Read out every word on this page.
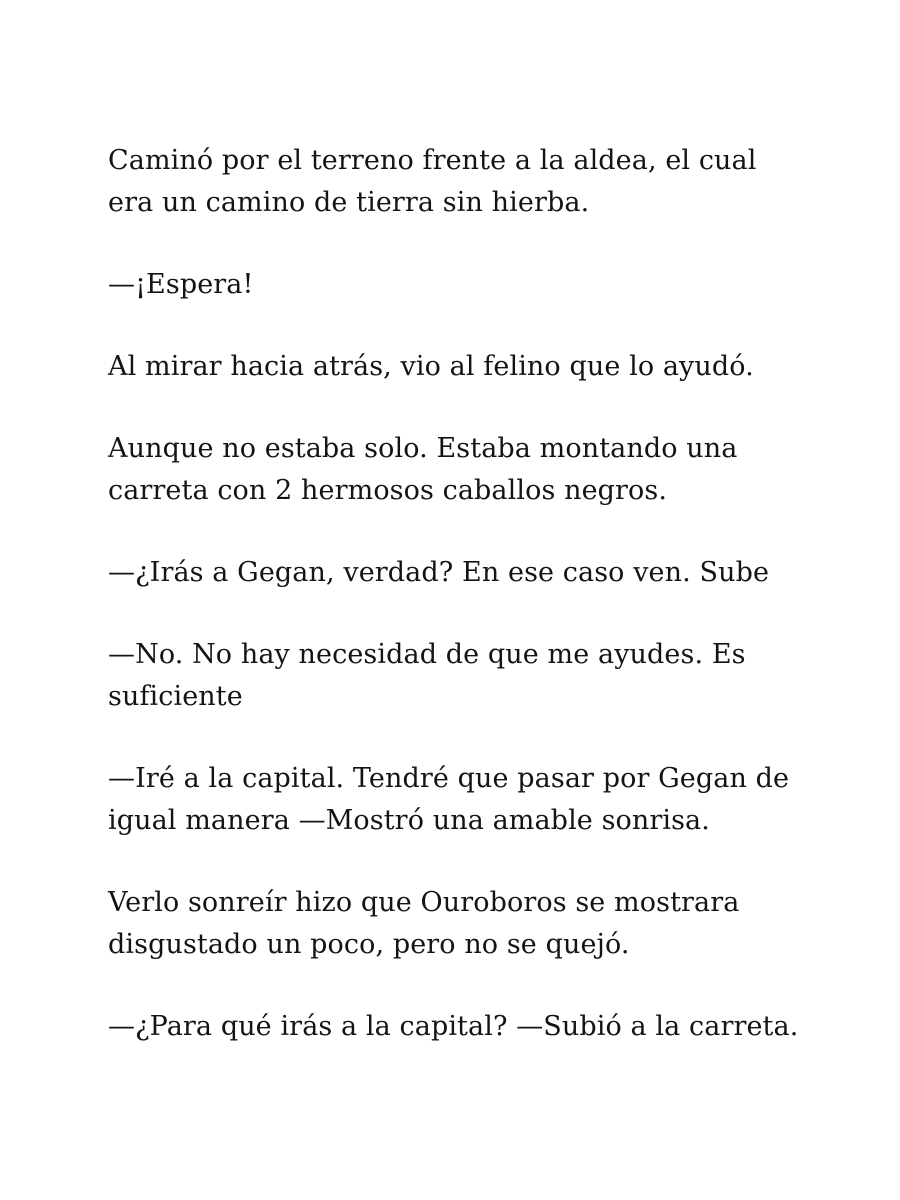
Caminó por el terreno frente a la aldea, el cual
era un camino de tierra sin hierba.

—¡Espera!

Al mirar hacia atrás, vio al felino que lo ayudó.

Aunque no estaba solo. Estaba montando una
carreta con 2 hermosos caballos negros.

—¿Irás a Gegan, verdad? En ese caso ven. Sube

—No. No hay necesidad de que me ayudes. Es
suficiente

—Iré a la capital. Tendré que pasar por Gegan de
igual manera —Mostró una amable sonrisa.

Verlo sonreír hizo que Ouroboros se mostrara
disgustado un poco, pero no se quejó.

—¿Para qué irás a la capital? —Subió a la carreta.
